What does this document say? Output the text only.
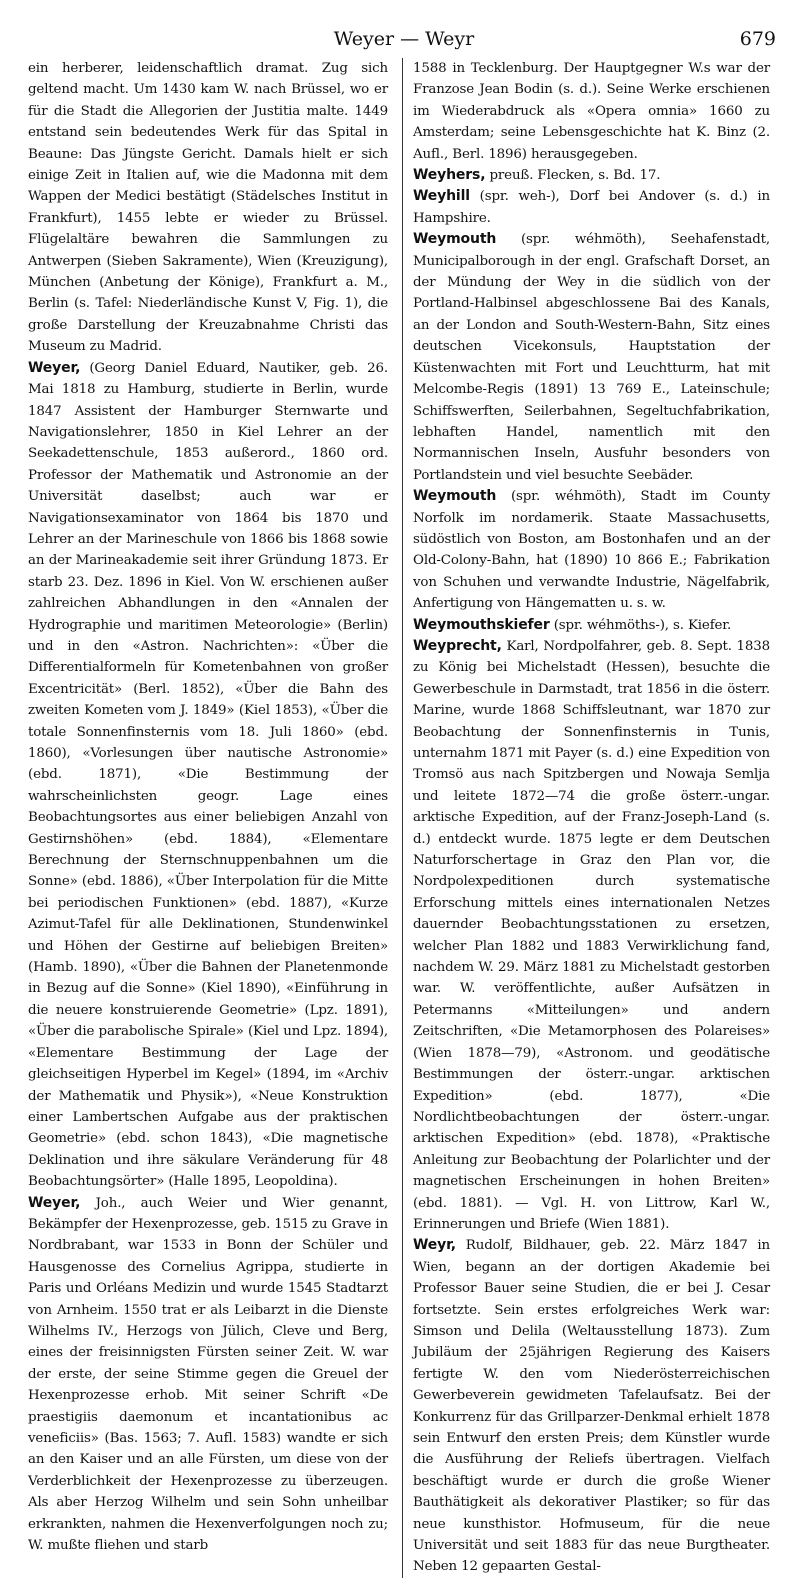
Weyer — Weyr	679

ein herberer, leidenschaftlich dramat. Zug sich geltend macht. Um 1430 kam W. nach Brüssel, wo er für die Stadt die Allegorien der Justitia malte. 1449 entstand sein bedeutendes Werk für das Spital in Beaune: Das Jüngste Gericht. Damals hielt er sich einige Zeit in Italien auf, wie die Madonna mit dem Wappen der Medici bestätigt (Städelsches Institut in Frankfurt), 1455 lebte er wieder zu Brüssel. Flügelaltäre bewahren die Sammlungen zu Antwerpen (Sieben Sakramente), Wien (Kreuzigung), München (Anbetung der Könige), Frankfurt a. M., Berlin (s. Tafel: Niederländische Kunst V, Fig. 1), die große Darstellung der Kreuzabnahme Christi das Museum zu Madrid.

Weyer, (Georg Daniel Eduard, Nautiker, geb. 26. Mai 1818 zu Hamburg, studierte in Berlin, wurde 1847 Assistent der Hamburger Sternwarte und Navigationslehrer, 1850 in Kiel Lehrer an der Seekadettenschule, 1853 außerord., 1860 ord. Professor der Mathematik und Astronomie an der Universität daselbst; auch war er Navigationsexaminator von 1864 bis 1870 und Lehrer an der Marineschule von 1866 bis 1868 sowie an der Marineakademie seit ihrer Gründung 1873. Er starb 23. Dez. 1896 in Kiel. Von W. erschienen außer zahlreichen Abhandlungen in den «Annalen der Hydrographie und maritimen Meteorologie» (Berlin) und in den «Astron. Nachrichten»: «Über die Differentialformeln für Kometenbahnen von großer Excentricität» (Berl. 1852), «Über die Bahn des zweiten Kometen vom J. 1849» (Kiel 1853), «Über die totale Sonnenfinsternis vom 18. Juli 1860» (ebd. 1860), «Vorlesungen über nautische Astronomie» (ebd. 1871), «Die Bestimmung der wahrscheinlichsten geogr. Lage eines Beobachtungsortes aus einer beliebigen Anzahl von Gestirnshöhen» (ebd. 1884), «Elementare Berechnung der Sternschnuppenbahnen um die Sonne» (ebd. 1886), «Über Interpolation für die Mitte bei periodischen Funktionen» (ebd. 1887), «Kurze Azimut-Tafel für alle Deklinationen, Stundenwinkel und Höhen der Gestirne auf beliebigen Breiten» (Hamb. 1890), «Über die Bahnen der Planetenmonde in Bezug auf die Sonne» (Kiel 1890), «Einführung in die neuere konstruierende Geometrie» (Lpz. 1891), «Über die parabolische Spirale» (Kiel und Lpz. 1894), «Elementare Bestimmung der Lage der gleichseitigen Hyperbel im Kegel» (1894, im «Archiv der Mathematik und Physik»), «Neue Konstruktion einer Lambertschen Aufgabe aus der praktischen Geometrie» (ebd. schon 1843), «Die magnetische Deklination und ihre säkulare Veränderung für 48 Beobachtungsörter» (Halle 1895, Leopoldina).

Weyer, Joh., auch Weier und Wier genannt, Bekämpfer der Hexenprozesse, geb. 1515 zu Grave in Nordbrabant, war 1533 in Bonn der Schüler und Hausgenosse des Cornelius Agrippa, studierte in Paris und Orléans Medizin und wurde 1545 Stadtarzt von Arnheim. 1550 trat er als Leibarzt in die Dienste Wilhelms IV., Herzogs von Jülich, Cleve und Berg, eines der freisinnigsten Fürsten seiner Zeit. W. war der erste, der seine Stimme gegen die Greuel der Hexenprozesse erhob. Mit seiner Schrift «De praestigiis daemonum et incantationibus ac veneficiis» (Bas. 1563; 7. Aufl. 1583) wandte er sich an den Kaiser und an alle Fürsten, um diese von der Verderblichkeit der Hexenprozesse zu überzeugen. Als aber Herzog Wilhelm und sein Sohn unheilbar erkrankten, nahmen die Hexenverfolgungen noch zu; W. mußte fliehen und starb

1588 in Tecklenburg. Der Hauptgegner W.s war der Franzose Jean Bodin (s. d.). Seine Werke erschienen im Wiederabdruck als «Opera omnia» 1660 zu Amsterdam; seine Lebensgeschichte hat K. Binz (2. Aufl., Berl. 1896) herausgegeben.

Weyhers, preuß. Flecken, s. Bd. 17.

Weyhill (spr. weh-), Dorf bei Andover (s. d.) in Hampshire.

Weymouth (spr. wéhmöth), Seehafenstadt, Municipalborough in der engl. Grafschaft Dorset, an der Mündung der Wey in die südlich von der Portland-Halbinsel abgeschlossene Bai des Kanals, an der London and South-Western-Bahn, Sitz eines deutschen Vicekonsuls, Hauptstation der Küstenwachten mit Fort und Leuchtturm, hat mit Melcombe-Regis (1891) 13 769 E., Lateinschule; Schiffswerften, Seilerbahnen, Segeltuchfabrikation, lebhaften Handel, namentlich mit den Normannischen Inseln, Ausfuhr besonders von Portlandstein und viel besuchte Seebäder.

Weymouth (spr. wéhmöth), Stadt im County Norfolk im nordamerik. Staate Massachusetts, südöstlich von Boston, am Bostonhafen und an der Old-Colony-Bahn, hat (1890) 10 866 E.; Fabrikation von Schuhen und verwandte Industrie, Nägelfabrik, Anfertigung von Hängematten u. s. w.

Weymouthskiefer (spr. wéhmöths-), s. Kiefer.

Weyprecht, Karl, Nordpolfahrer, geb. 8. Sept. 1838 zu König bei Michelstadt (Hessen), besuchte die Gewerbeschule in Darmstadt, trat 1856 in die österr. Marine, wurde 1868 Schiffsleutnant, war 1870 zur Beobachtung der Sonnenfinsternis in Tunis, unternahm 1871 mit Payer (s. d.) eine Expedition von Tromsö aus nach Spitzbergen und Nowaja Semlja und leitete 1872—74 die große österr.-ungar. arktische Expedition, auf der Franz-Joseph-Land (s. d.) entdeckt wurde. 1875 legte er dem Deutschen Naturforschertage in Graz den Plan vor, die Nordpolexpeditionen durch systematische Erforschung mittels eines internationalen Netzes dauernder Beobachtungsstationen zu ersetzen, welcher Plan 1882 und 1883 Verwirklichung fand, nachdem W. 29. März 1881 zu Michelstadt gestorben war. W. veröffentlichte, außer Aufsätzen in Petermanns «Mitteilungen» und andern Zeitschriften, «Die Metamorphosen des Polareises» (Wien 1878—79), «Astronom. und geodätische Bestimmungen der österr.-ungar. arktischen Expedition» (ebd. 1877), «Die Nordlichtbeobachtungen der österr.-ungar. arktischen Expedition» (ebd. 1878), «Praktische Anleitung zur Beobachtung der Polarlichter und der magnetischen Erscheinungen in hohen Breiten» (ebd. 1881). — Vgl. H. von Littrow, Karl W., Erinnerungen und Briefe (Wien 1881).

Weyr, Rudolf, Bildhauer, geb. 22. März 1847 in Wien, begann an der dortigen Akademie bei Professor Bauer seine Studien, die er bei J. Cesar fortsetzte. Sein erstes erfolgreiches Werk war: Simson und Delila (Weltausstellung 1873). Zum Jubiläum der 25jährigen Regierung des Kaisers fertigte W. den vom Niederösterreichischen Gewerbeverein gewidmeten Tafelaufsatz. Bei der Konkurrenz für das Grillparzer-Denkmal erhielt 1878 sein Entwurf den ersten Preis; dem Künstler wurde die Ausführung der Reliefs übertragen. Vielfach beschäftigt wurde er durch die große Wiener Bauthätigkeit als dekorativer Plastiker; so für das neue kunsthistor. Hofmuseum, für die neue Universität und seit 1883 für das neue Burgtheater. Neben 12 gepaarten Gestal-
